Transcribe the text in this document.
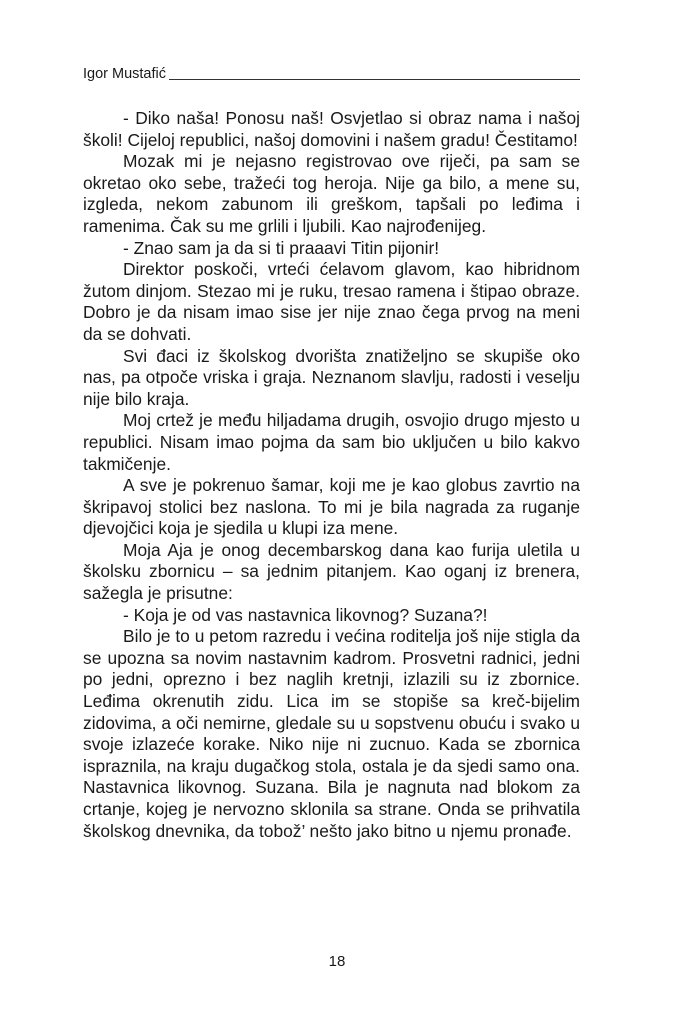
Igor Mustafić

- Diko naša! Ponosu naš! Osvjetlao si obraz nama i našoj školi! Cijeloj republici, našoj domovini i našem gradu! Čestitamo!

Mozak mi je nejasno registrovao ove riječi, pa sam se okretao oko sebe, tražeći tog heroja. Nije ga bilo, a mene su, izgleda, nekom zabunom ili greškom, tapšali po leđima i ramenima. Čak su me grlili i ljubili. Kao najrođenijeg.

- Znao sam ja da si ti praaavi Titin pijonir!

Direktor poskoči, vrteći ćelavom glavom, kao hibridnom žutom dinjom. Stezao mi je ruku, tresao ramena i štipao obraze. Dobro je da nisam imao sise jer nije znao čega prvog na meni da se dohvati.

Svi đaci iz školskog dvorišta znatiželjno se skupiše oko nas, pa otpoče vriska i graja. Neznanom slavlju, radosti i veselju nije bilo kraja.

Moj crtež je među hiljadama drugih, osvojio drugo mjesto u republici. Nisam imao pojma da sam bio uključen u bilo kakvo takmičenje.

A sve je pokrenuo šamar, koji me je kao globus zavrtio na škripavoj stolici bez naslona. To mi je bila nagrada za ruganje djevojčici koja je sjedila u klupi iza mene.

Moja Aja je onog decembarskog dana kao furija uletila u školsku zbornicu – sa jednim pitanjem. Kao oganj iz brenera, sažegla je prisutne:

- Koja je od vas nastavnica likovnog? Suzana?!

Bilo je to u petom razredu i većina roditelja još nije stigla da se upozna sa novim nastavnim kadrom. Prosvetni radnici, jedni po jedni, oprezno i bez naglih kretnji, izlazili su iz zbornice. Leđima okrenutih zidu. Lica im se stopiše sa kreč-bijelim zidovima, a oči nemirne, gledale su u sopstvenu obuću i svako u svoje izlazeće korake. Niko nije ni zucnuo. Kada se zbornica ispraznila, na kraju dugačkog stola, ostala je da sjedi samo ona. Nastavnica likovnog. Suzana. Bila je nagnuta nad blokom za crtanje, kojeg je nervozno sklonila sa strane. Onda se prihvatila školskog dnevnika, da tobož’ nešto jako bitno u njemu pronađe.

18
